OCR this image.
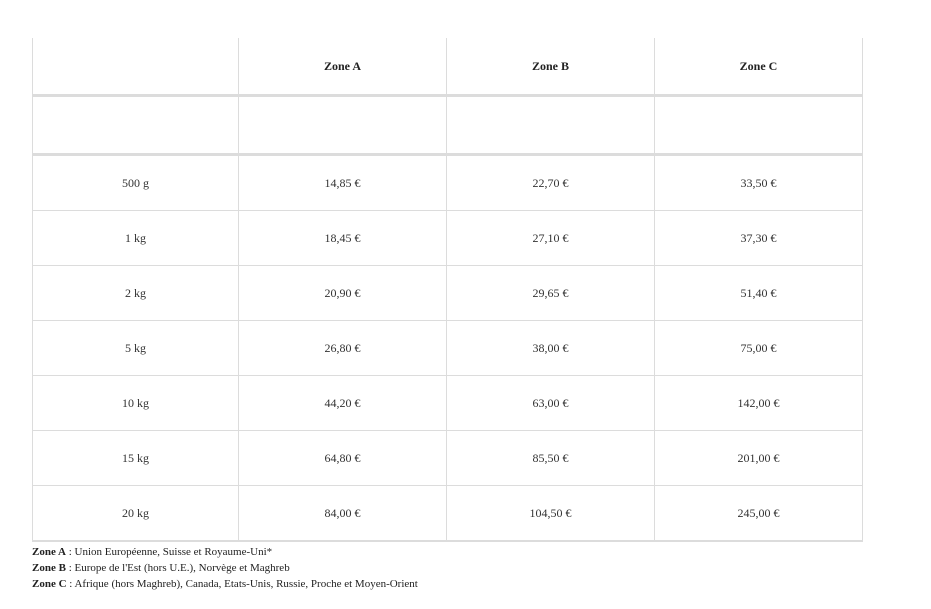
	Zone A	Zone B	Zone C

500 g	14,85 €	22,70 €	33,50 €
1 kg	18,45 €	27,10 €	37,30 €
2 kg	20,90 €	29,65 €	51,40 €
5 kg	26,80 €	38,00 €	75,00 €
10 kg	44,20 €	63,00 €	142,00 €
15 kg	64,80 €	85,50 €	201,00 €
20 kg	84,00 €	104,50 €	245,00 €
Zone A : Union Européenne, Suisse et Royaume-Uni*
Zone B : Europe de l'Est (hors U.E.), Norvège et Maghreb
Zone C : Afrique (hors Maghreb), Canada, Etats-Unis, Russie, Proche et Moyen-Orient
